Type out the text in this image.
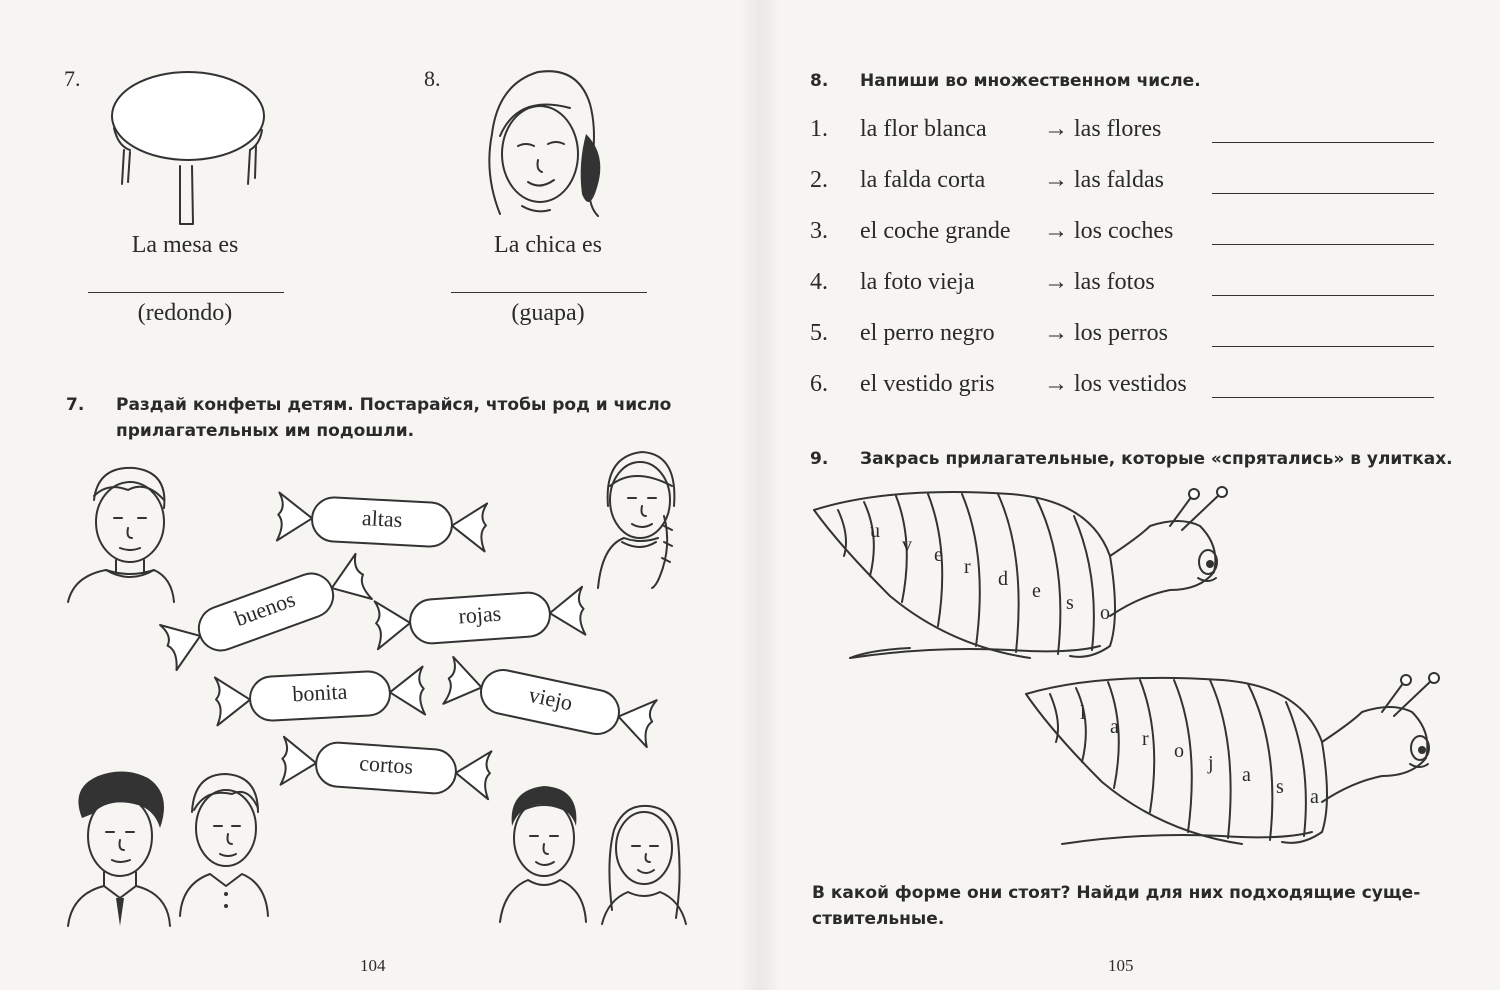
7.
La mesa es
(redondo)
8.
La chica es
(guapa)
7. Раздай конфеты детям. Постарайся, чтобы род и число
прилагательных им подошли.
altas
buenos	rojas
bonita	viejo
cortos
104
8. Напиши во множественном числе.
1. la flor blanca → las flores
2. la falda corta → las faldas
3. el coche grande → los coches
4. la foto vieja	→ las fotos
5. el perro negro → los perros
6. el vestido gris → los vestidos
9. Закрась прилагательные, которые «спрятались» в улитках.
u
v e
r
d
e
s o
l
a
r
o
j
a
s a
В какой форме они стоят? Найди для них подходящие суще-
ствительные.
105
